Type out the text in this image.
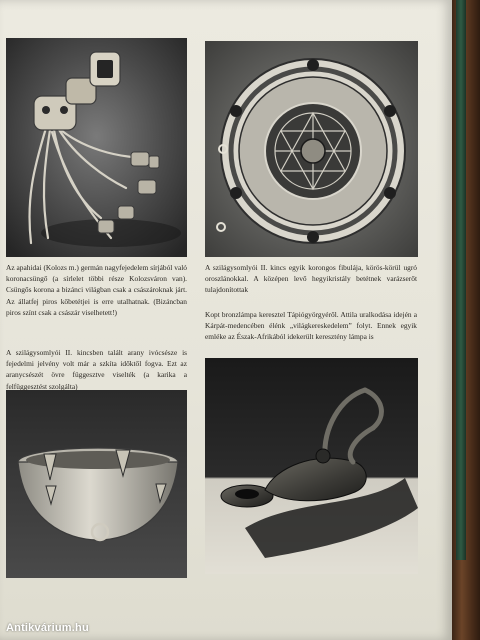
Az apahidai (Kolozs m.) germán nagyfejedelem sírjából való koronacsüngő (a sírlelet többi része Kolozsváron van). Csüngős korona a bizánci világban csak a császároknak járt. Az állatfej piros kőbetétjei is erre utalhatnak. (Bizáncban piros színt csak a császár viselhetett!)

A szilágysomlyói II. kincs egyik korongos fibulája, körös-körül ugró oroszlánokkal. A középen levő hegyikristály betétnek varázserőt tulajdonítottak

A szilágysomlyói II. kincsben talált arany ivócsésze is fejedelmi jelvény volt már a szkíta időktől fogva. Ezt az aranycsészét övre függesztve viselték (a karika a felfüggesztést szolgálta)

Kopt bronzlámpa keresztel Tápiógyörgyéről. Attila uralkodása idején a Kárpát-medencében élénk „világkereskedelem” folyt. Ennek egyik emléke az Észak-Afrikából idekerült keresztény lámpa is

Antikvárium.hu
